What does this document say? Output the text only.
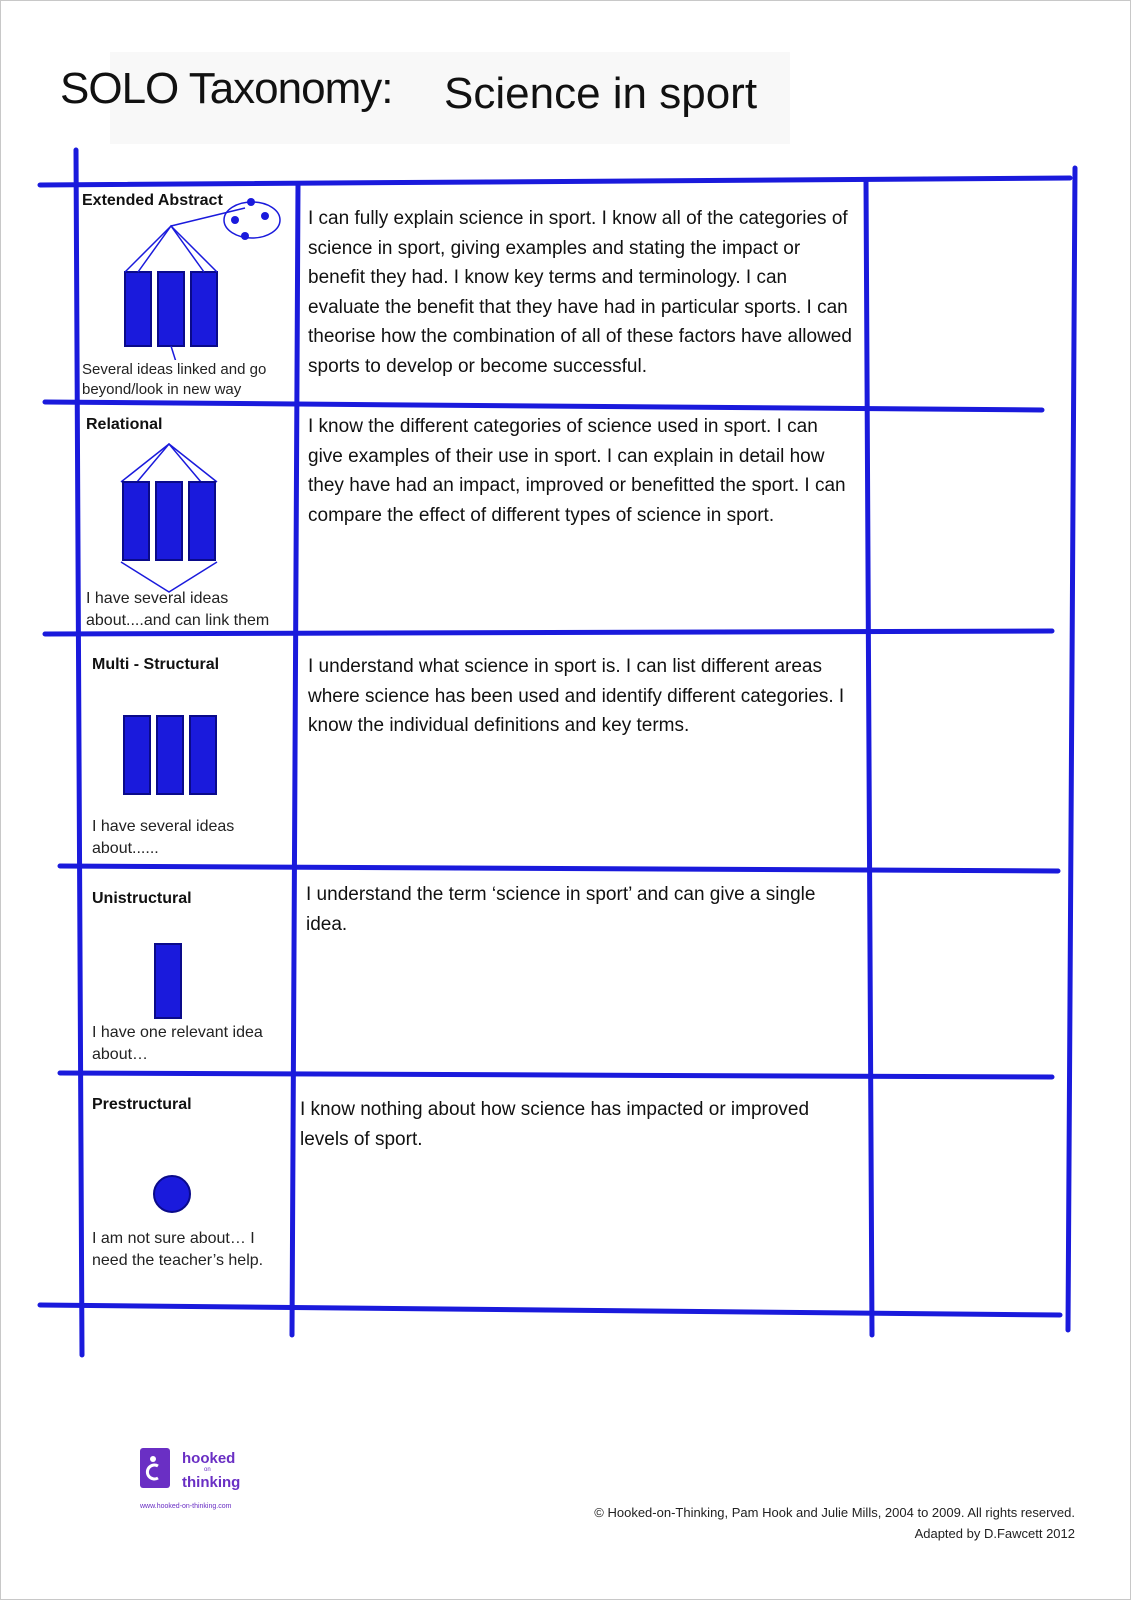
SOLO Taxonomy: Science in sport
Extended Abstract
Several ideas linked and go beyond/look in new way
I can fully explain science in sport. I know all of the categories of science in sport, giving examples and stating the impact or benefit they had. I know key terms and terminology. I can evaluate the benefit that they have had in particular sports. I can theorise how the combination of all of these factors have allowed sports to develop or become successful.
Relational
I have several ideas about....and can link them
I know the different categories of science used in sport. I can give examples of their use in sport. I can explain in detail how they have had an impact, improved or benefitted the sport. I can compare the effect of different types of science in sport.
Multi - Structural
I have several ideas about......
I understand what science in sport is. I can list different areas where science has been used and identify different categories. I know the individual definitions and key terms.
Unistructural
I have one relevant idea about…
I understand the term ‘science in sport’ and can give a single idea.
Prestructural
I am not sure about… I need the teacher’s help.
I know nothing about how science has impacted or improved levels of sport.
hooked
on
thinking
www.hooked-on-thinking.com	© Hooked-on-Thinking, Pam Hook and Julie Mills, 2004 to 2009. All rights reserved.
Adapted by D.Fawcett 2012
